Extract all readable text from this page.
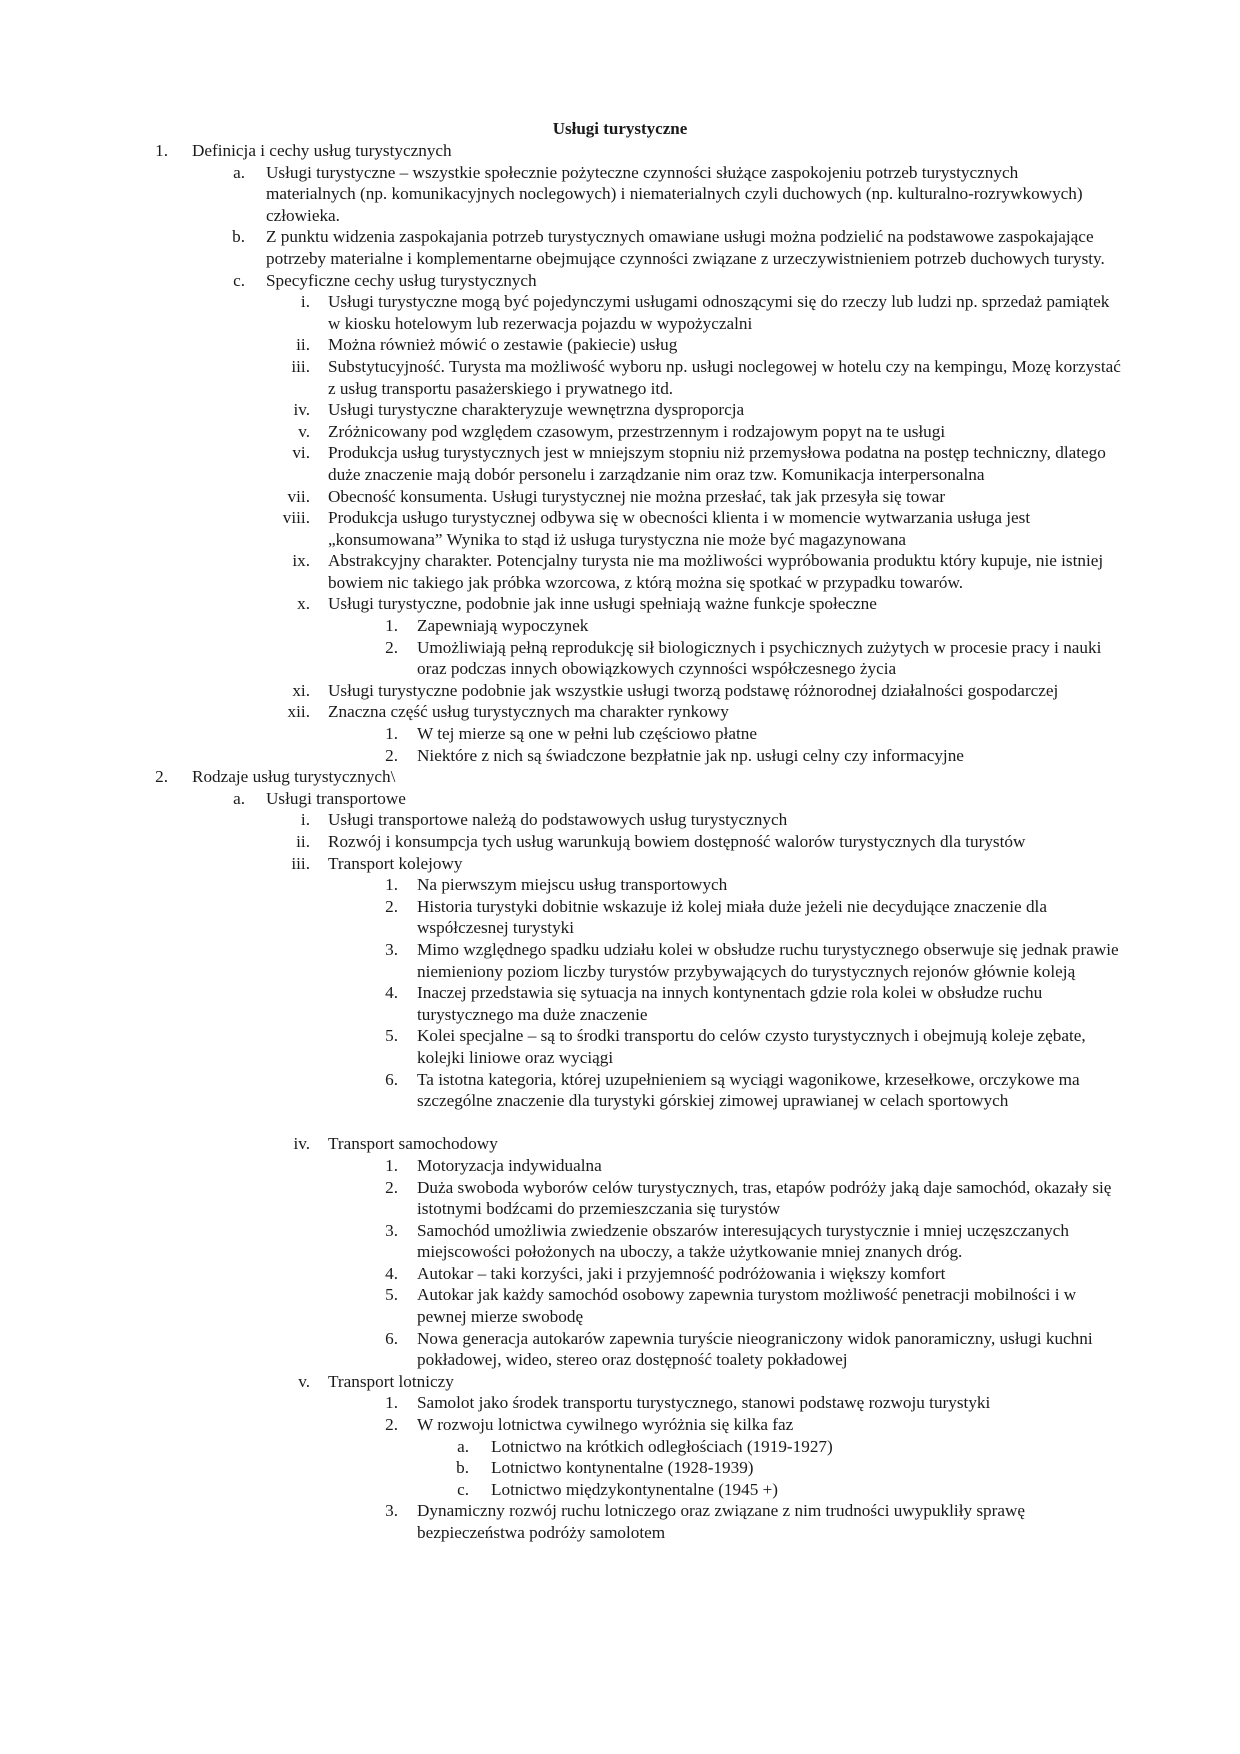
Usługi turystyczne
1. Definicja i cechy usług turystycznych
a. Usługi turystyczne – wszystkie społecznie pożyteczne czynności służące zaspokojeniu potrzeb turystycznych materialnych (np. komunikacyjnych noclegowych) i niematerialnych czyli duchowych (np. kulturalno-rozrywkowych) człowieka.
b. Z punktu widzenia zaspokajania potrzeb turystycznych omawiane usługi można podzielić na podstawowe zaspokajające potrzeby materialne i komplementarne obejmujące czynności związane z urzeczywistnieniem potrzeb duchowych turysty.
c. Specyficzne cechy usług turystycznych
i. Usługi turystyczne mogą być pojedynczymi usługami odnoszącymi się do rzeczy lub ludzi np. sprzedaż pamiątek w kiosku hotelowym lub rezerwacja pojazdu w wypożyczalni
ii. Można również mówić o zestawie (pakiecie) usług
iii. Substytucyjność. Turysta ma możliwość wyboru np. usługi noclegowej w hotelu czy na kempingu, Mozę korzystać z usług transportu pasażerskiego i prywatnego itd.
iv. Usługi turystyczne charakteryzuje wewnętrzna dysproporcja
v. Zróżnicowany pod względem czasowym, przestrzennym i rodzajowym popyt na te usługi
vi. Produkcja usług turystycznych jest w mniejszym stopniu niż przemysłowa podatna na postęp techniczny, dlatego duże znaczenie mają dobór personelu i zarządzanie nim oraz tzw. Komunikacja interpersonalna
vii. Obecność konsumenta. Usługi turystycznej nie można przesłać, tak jak przesyła się towar
viii. Produkcja usługo turystycznej odbywa się w obecności klienta i w momencie wytwarzania usługa jest „konsumowana” Wynika to stąd iż usługa turystyczna nie może być magazynowana
ix. Abstrakcyjny charakter. Potencjalny turysta nie ma możliwości wypróbowania produktu który kupuje, nie istniej bowiem nic takiego jak próbka wzorcowa, z którą można się spotkać w przypadku towarów.
x. Usługi turystyczne, podobnie jak inne usługi spełniają ważne funkcje społeczne
1. Zapewniają wypoczynek
2. Umożliwiają pełną reprodukcję sił biologicznych i psychicznych zużytych w procesie pracy i nauki oraz podczas innych obowiązkowych czynności współczesnego życia
xi. Usługi turystyczne podobnie jak wszystkie usługi tworzą podstawę różnorodnej działalności gospodarczej
xii. Znaczna część usług turystycznych ma charakter rynkowy
1. W tej mierze są one w pełni lub częściowo płatne
2. Niektóre z nich są świadczone bezpłatnie jak np. usługi celny czy informacyjne
2. Rodzaje usług turystycznych\
a. Usługi transportowe
i. Usługi transportowe należą do podstawowych usług turystycznych
ii. Rozwój i konsumpcja tych usług warunkują bowiem dostępność walorów turystycznych dla turystów
iii. Transport kolejowy
1. Na pierwszym miejscu usług transportowych
2. Historia turystyki dobitnie wskazuje iż kolej miała duże jeżeli nie decydujące znaczenie dla współczesnej turystyki
3. Mimo względnego spadku udziału kolei w obsłudze ruchu turystycznego obserwuje się jednak prawie niemieniony poziom liczby turystów przybywających do turystycznych rejonów głównie koleją
4. Inaczej przedstawia się sytuacja na innych kontynentach gdzie rola kolei w obsłudze ruchu turystycznego ma duże znaczenie
5. Kolei specjalne – są to środki transportu do celów czysto turystycznych i obejmują koleje zębate, kolejki liniowe oraz wyciągi
6. Ta istotna kategoria, której uzupełnieniem są wyciągi wagonikowe, krzesełkowe, orczykowe ma szczególne znaczenie dla turystyki górskiej zimowej uprawianej w celach sportowych
iv. Transport samochodowy
1. Motoryzacja indywidualna
2. Duża swoboda wyborów celów turystycznych, tras, etapów podróży jaką daje samochód, okazały się istotnymi bodźcami do przemieszczania się turystów
3. Samochód umożliwia zwiedzenie obszarów interesujących turystycznie i mniej uczęszczanych miejscowości położonych na uboczy, a także użytkowanie mniej znanych dróg.
4. Autokar – taki korzyści, jaki i przyjemność podróżowania i większy komfort
5. Autokar jak każdy samochód osobowy zapewnia turystom możliwość penetracji mobilności i w pewnej mierze swobodę
6. Nowa generacja autokarów zapewnia turyście nieograniczony widok panoramiczny, usługi kuchni pokładowej, wideo, stereo oraz dostępność toalety pokładowej
v. Transport lotniczy
1. Samolot jako środek transportu turystycznego, stanowi podstawę rozwoju turystyki
2. W rozwoju lotnictwa cywilnego wyróżnia się kilka faz
a. Lotnictwo na krótkich odległościach (1919-1927)
b. Lotnictwo kontynentalne (1928-1939)
c. Lotnictwo międzykontynentalne (1945 +)
3. Dynamiczny rozwój ruchu lotniczego oraz związane z nim trudności uwypukliły sprawę bezpieczeństwa podróży samolotem
